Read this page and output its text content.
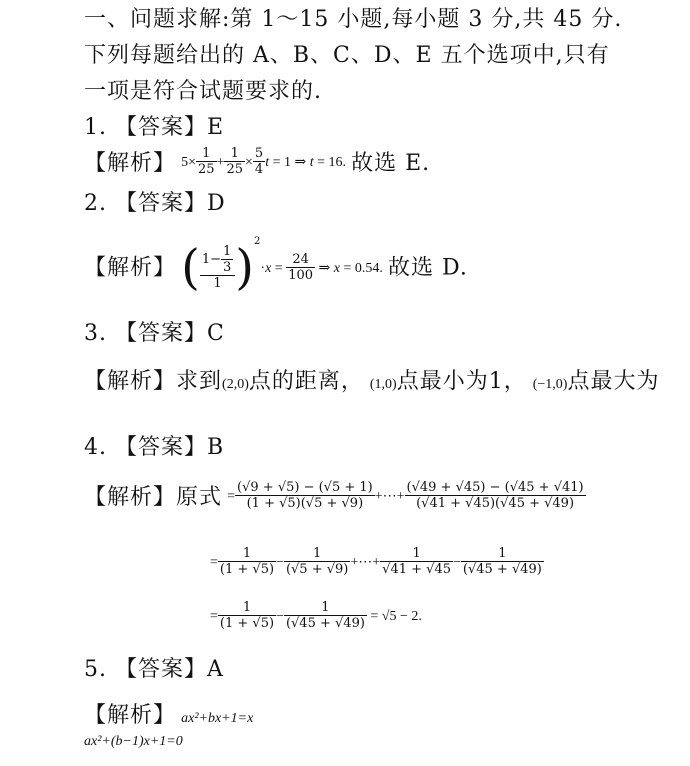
一、问题求解:第 1～15 小题,每小题 3 分,共 45 分.下列每题给出的 A、B、C、D、E 五个选项中,只有一项是符合试题要求的.
1. 【答案】E
【解析】 $5\times \frac{1}{25} + \frac{1}{25} \times \frac{5}{4}$ t = 1 ⇒ t = 16. 故选 E.
2. 【答案】D
【解析】 ( $\frac{1- \frac{1}{3}}{1} )^2\cdot x = \frac{24}{100}$ ⇒ x = 0.54. 故选 D.
3. 【答案】C
【解析】求到(2,0)点的距离， (1,0)点最小为1， (−1,0)点最大为
4. 【答案】B
【解析】原式 = $\frac{(√9 + √5) - (√5 + 1)}{(1 + √5)(√5 + √9)}$ +⋯+ $\frac{(√49 + √45) - (√45 + √41)}{(√41 + √45)(√45 + √49)}$
= $\frac{1}{(1 + √5)} - \frac{1}{(√5 + √9)}$ +⋯+ $\frac{1}{√41 + √45} - \frac{1}{(√45 + √49)}$
= $\frac{1}{(1 + √5)} - \frac{1}{(√45 + √49)} = √5 - 2$.
5. 【答案】A
【解析】 ax²+bx+1=x
ax²+(b−1)x+1=0
